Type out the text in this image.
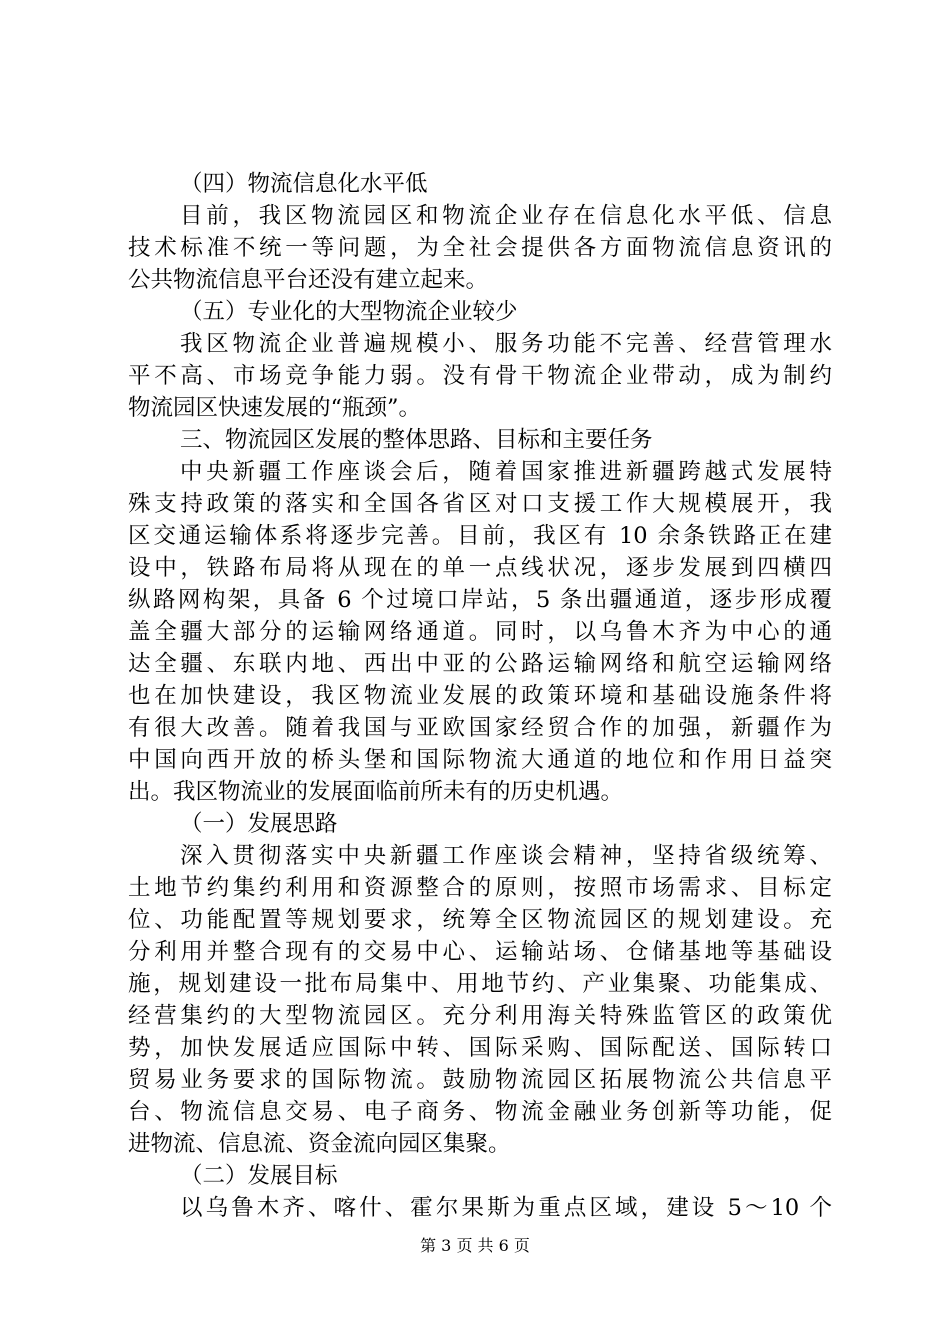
（四）物流信息化水平低
目前，我区物流园区和物流企业存在信息化水平低、信息
技术标准不统一等问题，为全社会提供各方面物流信息资讯的
公共物流信息平台还没有建立起来。
（五）专业化的大型物流企业较少
我区物流企业普遍规模小、服务功能不完善、经营管理水
平不高、市场竞争能力弱。没有骨干物流企业带动，成为制约
物流园区快速发展的“瓶颈”。
三、物流园区发展的整体思路、目标和主要任务
中央新疆工作座谈会后，随着国家推进新疆跨越式发展特
殊支持政策的落实和全国各省区对口支援工作大规模展开，我
区交通运输体系将逐步完善。目前，我区有 10 余条铁路正在建
设中，铁路布局将从现在的单一点线状况，逐步发展到四横四
纵路网构架，具备 6 个过境口岸站，5 条出疆通道，逐步形成覆
盖全疆大部分的运输网络通道。同时，以乌鲁木齐为中心的通
达全疆、东联内地、西出中亚的公路运输网络和航空运输网络
也在加快建设，我区物流业发展的政策环境和基础设施条件将
有很大改善。随着我国与亚欧国家经贸合作的加强，新疆作为
中国向西开放的桥头堡和国际物流大通道的地位和作用日益突
出。我区物流业的发展面临前所未有的历史机遇。
（一）发展思路
深入贯彻落实中央新疆工作座谈会精神，坚持省级统筹、
土地节约集约利用和资源整合的原则，按照市场需求、目标定
位、功能配置等规划要求，统筹全区物流园区的规划建设。充
分利用并整合现有的交易中心、运输站场、仓储基地等基础设
施，规划建设一批布局集中、用地节约、产业集聚、功能集成、
经营集约的大型物流园区。充分利用海关特殊监管区的政策优
势，加快发展适应国际中转、国际采购、国际配送、国际转口
贸易业务要求的国际物流。鼓励物流园区拓展物流公共信息平
台、物流信息交易、电子商务、物流金融业务创新等功能，促
进物流、信息流、资金流向园区集聚。
（二）发展目标
以乌鲁木齐、喀什、霍尔果斯为重点区域，建设 5～10 个
第 3 页 共 6 页
